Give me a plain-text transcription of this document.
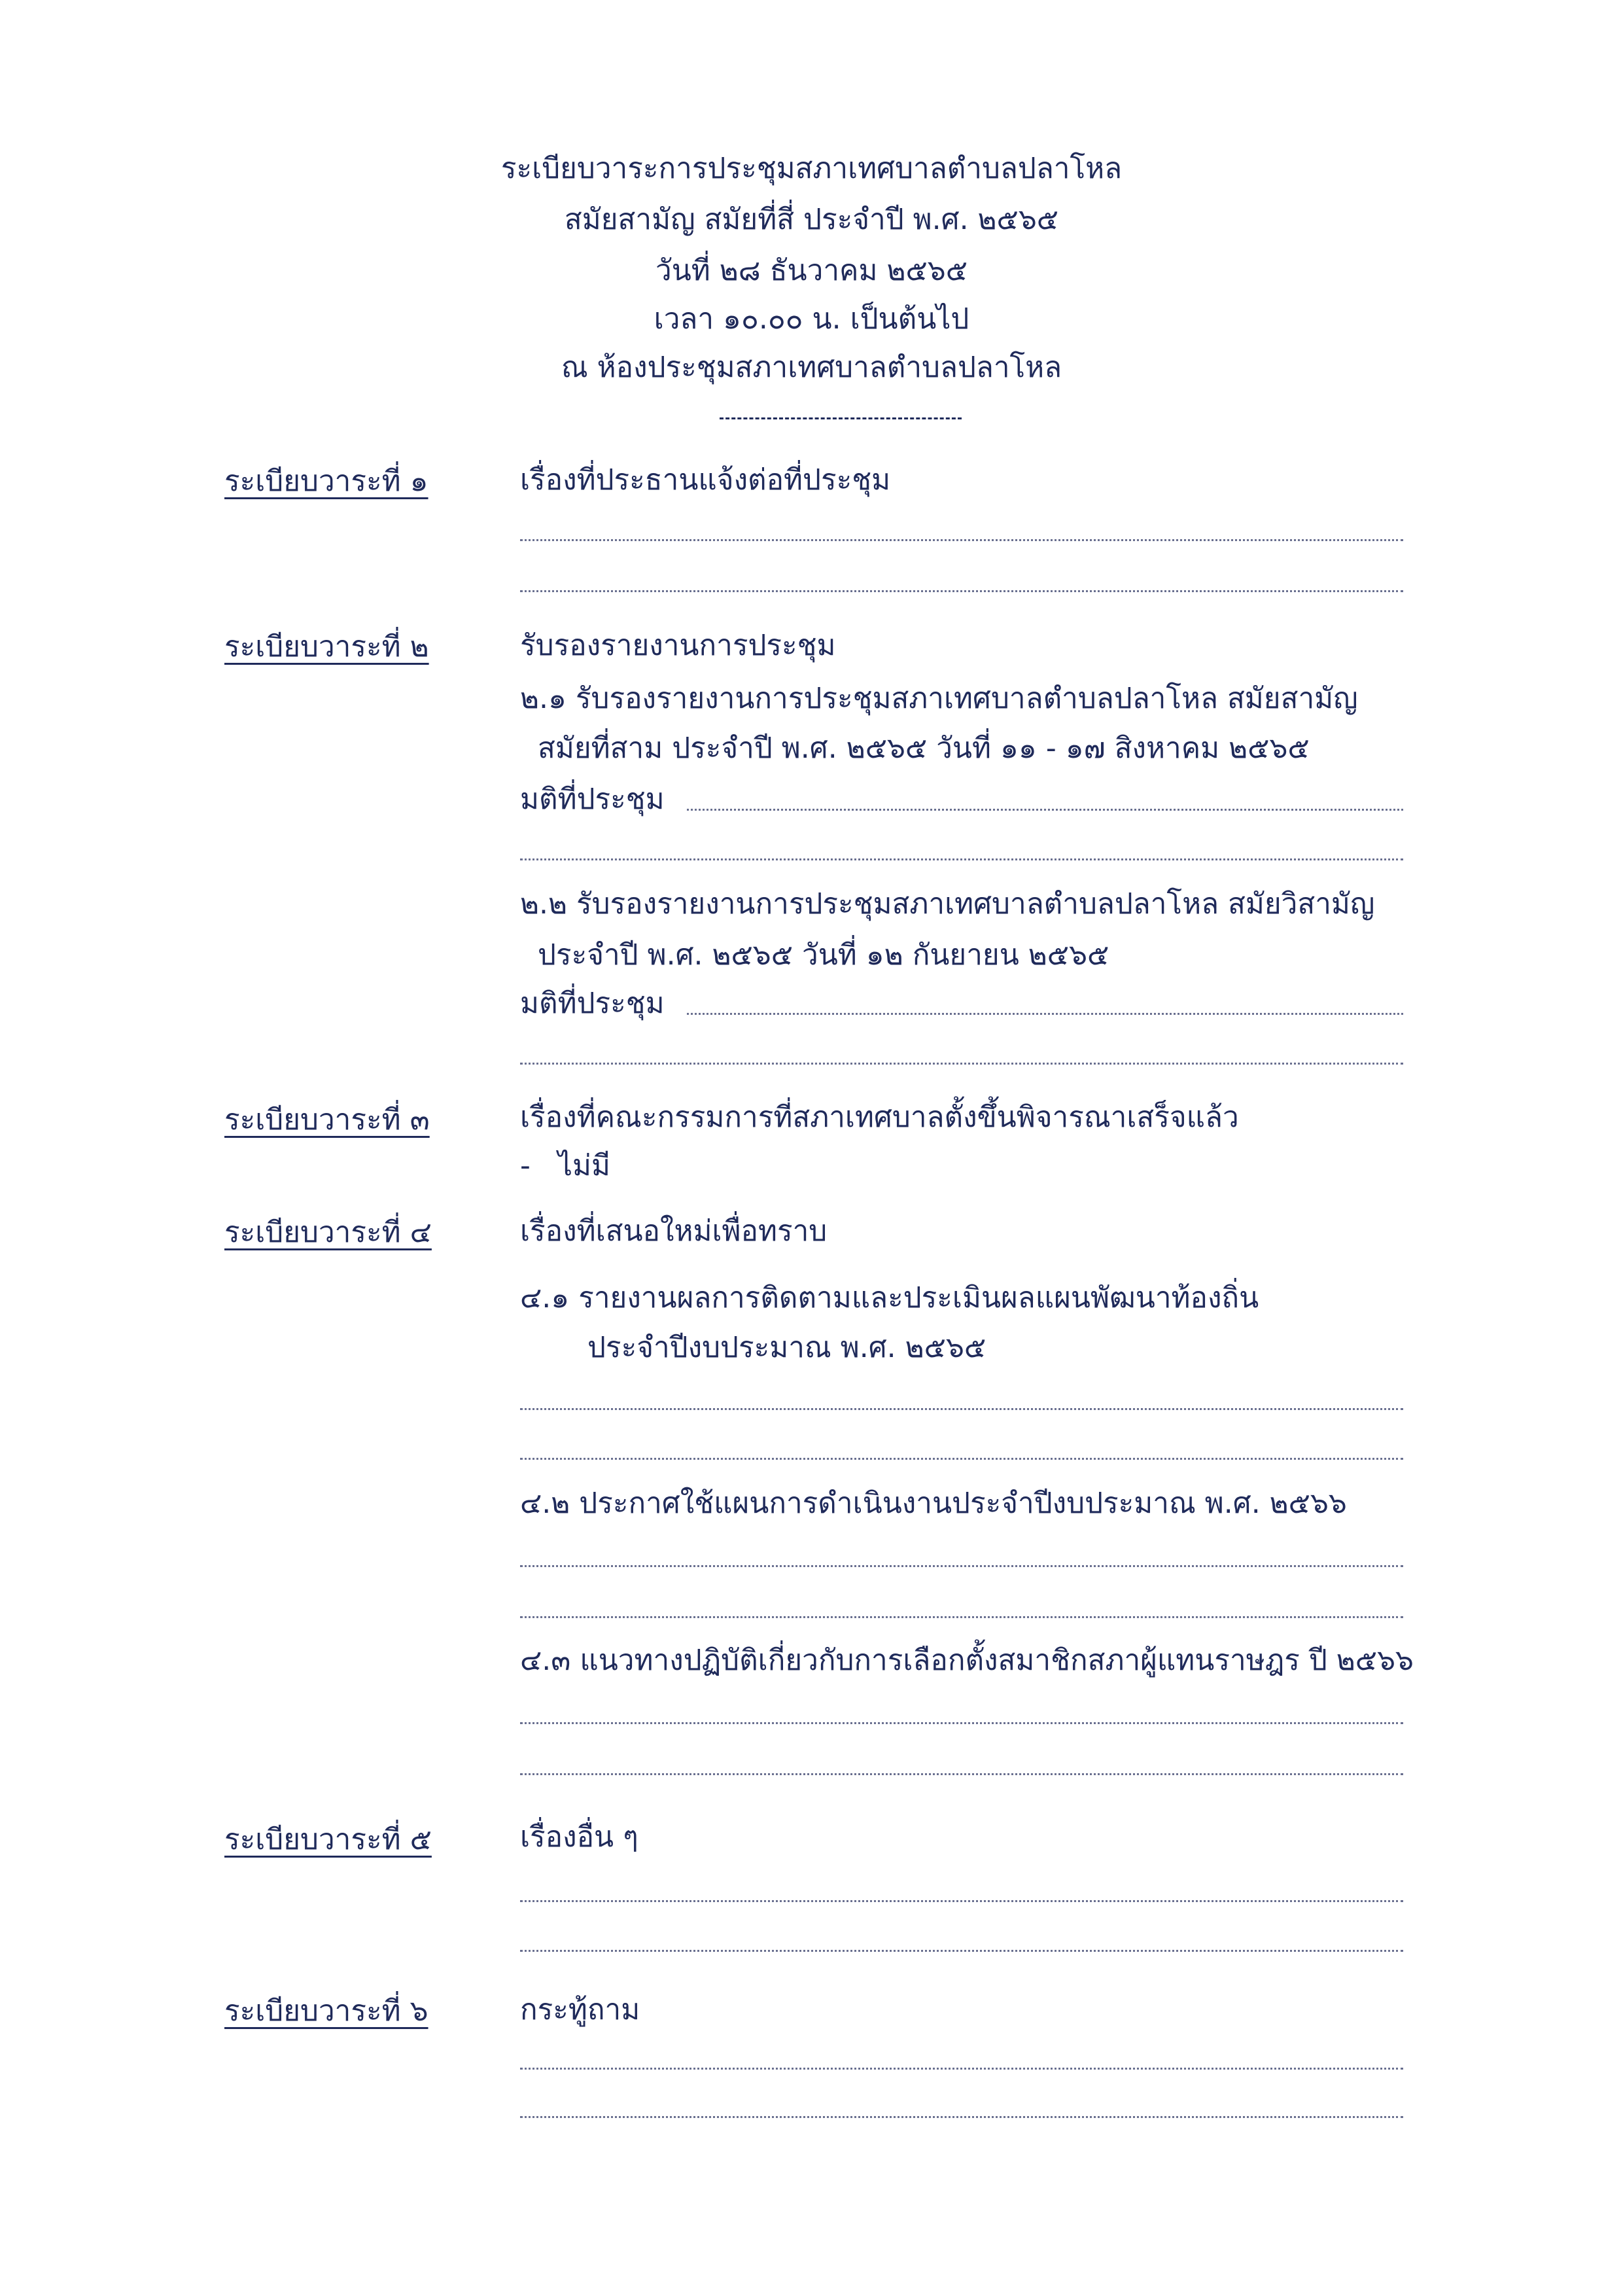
ระเบียบวาระการประชุมสภาเทศบาลตำบลปลาโหล
สมัยสามัญ สมัยที่สี่ ประจำปี พ.ศ. ๒๕๖๕
วันที่ ๒๘ ธันวาคม ๒๕๖๕
เวลา ๑๐.๐๐ น. เป็นต้นไป
ณ ห้องประชุมสภาเทศบาลตำบลปลาโหล
ระเบียบวาระที่ ๑	เรื่องที่ประธานแจ้งต่อที่ประชุม
ระเบียบวาระที่ ๒	รับรองรายงานการประชุม
๒.๑ รับรองรายงานการประชุมสภาเทศบาลตำบลปลาโหล สมัยสามัญ
สมัยที่สาม ประจำปี พ.ศ. ๒๕๖๕ วันที่ ๑๑ - ๑๗ สิงหาคม ๒๕๖๕
มติที่ประชุม
๒.๒ รับรองรายงานการประชุมสภาเทศบาลตำบลปลาโหล สมัยวิสามัญ
ประจำปี พ.ศ. ๒๕๖๕ วันที่ ๑๒ กันยายน ๒๕๖๕
มติที่ประชุม
ระเบียบวาระที่ ๓	เรื่องที่คณะกรรมการที่สภาเทศบาลตั้งขึ้นพิจารณาเสร็จแล้ว
-   ไม่มี
ระเบียบวาระที่ ๔	เรื่องที่เสนอใหม่เพื่อทราบ
๔.๑ รายงานผลการติดตามและประเมินผลแผนพัฒนาท้องถิ่น
ประจำปีงบประมาณ พ.ศ. ๒๕๖๕
๔.๒ ประกาศใช้แผนการดำเนินงานประจำปีงบประมาณ พ.ศ. ๒๕๖๖
๔.๓ แนวทางปฏิบัติเกี่ยวกับการเลือกตั้งสมาชิกสภาผู้แทนราษฎร ปี ๒๕๖๖
ระเบียบวาระที่ ๕	เรื่องอื่น ๆ
ระเบียบวาระที่ ๖	กระทู้ถาม
